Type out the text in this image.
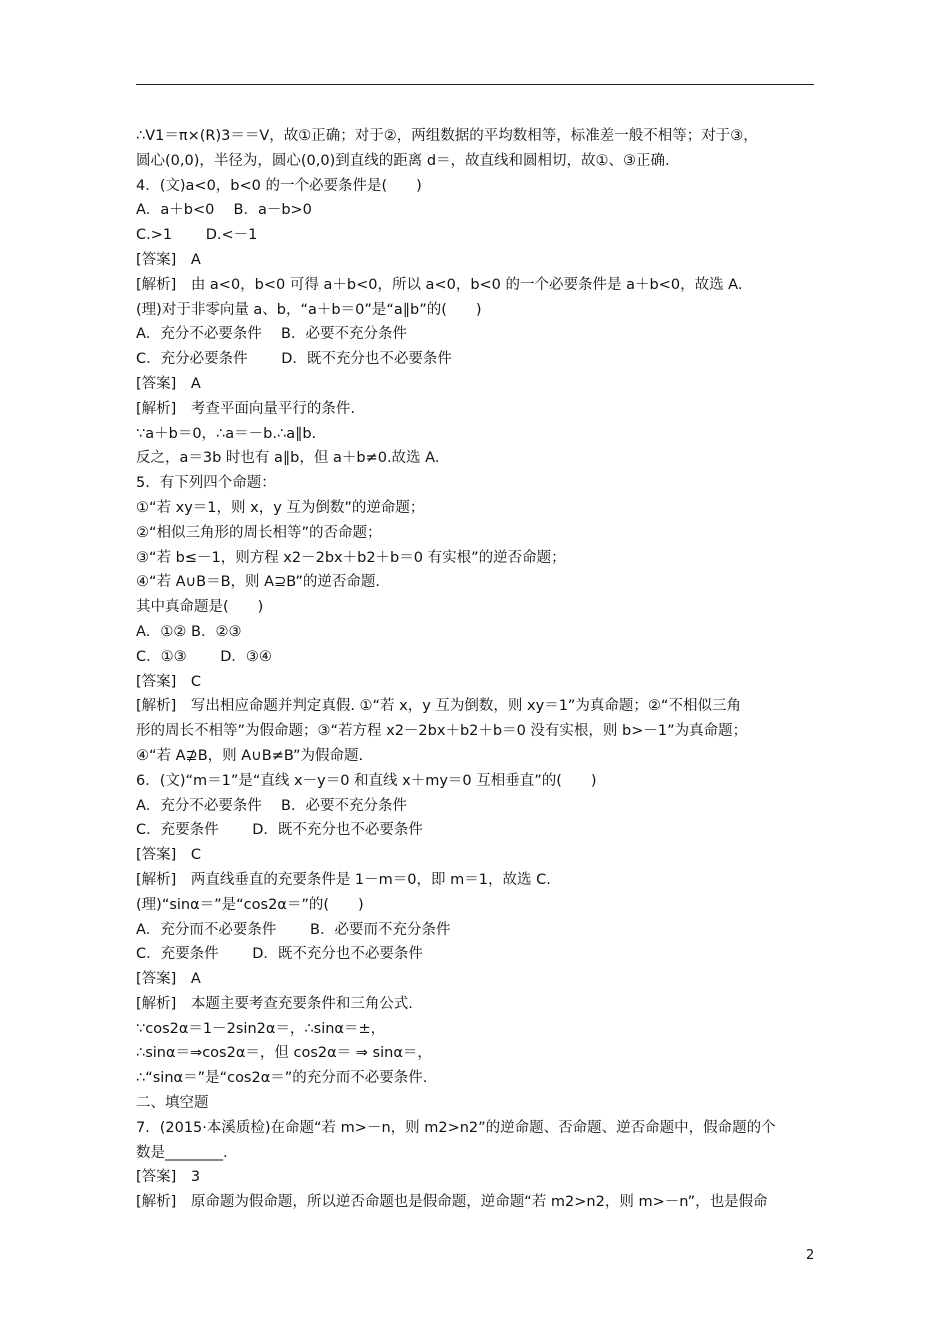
∴V1＝π×(R)3＝＝V，故①正确；对于②，两组数据的平均数相等，标准差一般不相等；对于③，
圆心(0,0)，半径为，圆心(0,0)到直线的距离 d＝，故直线和圆相切，故①、③正确.
4．(文)a<0，b<0 的一个必要条件是(　　)
A．a＋b<0　 B．a－b>0
C.>1　　 D.<－1
[答案]　A
[解析]　由 a<0，b<0 可得 a＋b<0，所以 a<0，b<0 的一个必要条件是 a＋b<0，故选 A.
(理)对于非零向量 a、b，“a＋b＝0”是“a∥b”的(　　)
A．充分不必要条件　 B．必要不充分条件
C．充分必要条件　　 D．既不充分也不必要条件
[答案]　A
[解析]　考查平面向量平行的条件.
∵a＋b＝0，∴a＝－b.∴a∥b.
反之，a＝3b 时也有 a∥b，但 a＋b≠0.故选 A.
5．有下列四个命题：
①“若 xy＝1，则 x，y 互为倒数”的逆命题；
②“相似三角形的周长相等”的否命题；
③“若 b≤－1，则方程 x2－2bx＋b2＋b＝0 有实根”的逆否命题；
④“若 A∪B＝B，则 A⊇B”的逆否命题.
其中真命题是(　　)
A．①② B．②③
C．①③　　 D．③④
[答案]　C
[解析]　写出相应命题并判定真假. ①“若 x，y 互为倒数，则 xy＝1”为真命题；②“不相似三角
形的周长不相等”为假命题；③“若方程 x2－2bx＋b2＋b＝0 没有实根，则 b>－1”为真命题；
④“若 A⊉B，则 A∪B≠B”为假命题.
6．(文)“m＝1”是“直线 x－y＝0 和直线 x＋my＝0 互相垂直”的(　　)
A．充分不必要条件　 B．必要不充分条件
C．充要条件　　 D．既不充分也不必要条件
[答案]　C
[解析]　两直线垂直的充要条件是 1－m＝0，即 m＝1，故选 C.
(理)“sinα＝”是“cos2α＝”的(　　)
A．充分而不必要条件　　 B．必要而不充分条件
C．充要条件　　 D．既不充分也不必要条件
[答案]　A
[解析]　本题主要考查充要条件和三角公式.
∵cos2α＝1－2sin2α＝，∴sinα＝±，
∴sinα＝⇒cos2α＝，但 cos2α＝ ⇒ sinα＝，
∴“sinα＝”是“cos2α＝”的充分而不必要条件.
二、填空题
7．(2015·本溪质检)在命题“若 m>－n，则 m2>n2”的逆命题、否命题、逆否命题中，假命题的个
数是________.
[答案]　3
[解析]　原命题为假命题，所以逆否命题也是假命题，逆命题“若 m2>n2，则 m>－n”，也是假命
2
